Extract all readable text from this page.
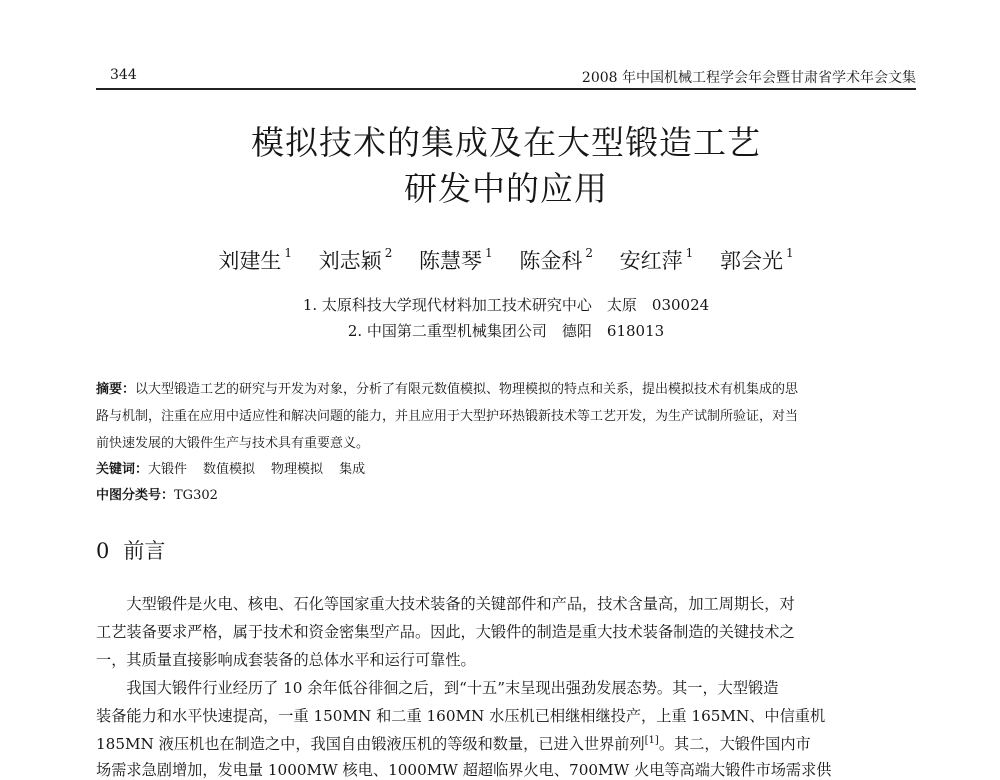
344	2008 年中国机械工程学会年会暨甘肃省学术年会文集
模拟技术的集成及在大型锻造工艺
研发中的应用
刘建生 $^1$ 刘志颖 $^2$ 陈慧琴 $^1$ 陈金科 $^2$ 安红萍 $^1$ 郭会光 $^1$
1. 太原科技大学现代材料加工技术研究中心　太原　030024
2. 中国第二重型机械集团公司　德阳　618013
摘要：以大型锻造工艺的研究与开发为对象，分析了有限元数值模拟、物理模拟的特点和关系，提出模拟技术有机集成的思
路与机制，注重在应用中适应性和解决问题的能力，并且应用于大型护环热锻新技术等工艺开发，为生产试制所验证，对当
前快速发展的大锻件生产与技术具有重要意义。
关键词：大锻件 数值模拟 物理模拟 集成
中图分类号：TG302
0 前言
　　大型锻件是火电、核电、石化等国家重大技术装备的关键部件和产品，技术含量高，加工周期长，对
工艺装备要求严格，属于技术和资金密集型产品。因此，大锻件的制造是重大技术装备制造的关键技术之
一，其质量直接影响成套装备的总体水平和运行可靠性。
　　我国大锻件行业经历了 10 余年低谷徘徊之后，到“十五”末呈现出强劲发展态势。其一，大型锻造
装备能力和水平快速提高，一重 150MN 和二重 160MN 水压机已相继相继投产，上重 165MN、中信重机
185MN 液压机也在制造之中，我国自由锻液压机的等级和数量，已进入世界前列[1]。其二，大锻件国内市
场需求急剧增加，发电量 1000MW 核电、1000MW 超超临界火电、700MW 火电等高端大锻件市场需求供
